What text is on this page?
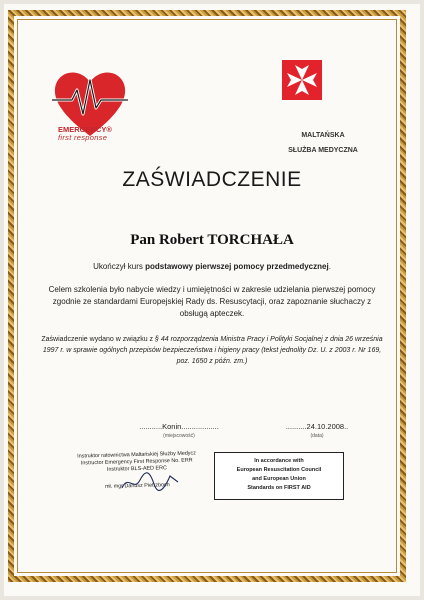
EMERGENCY®
first response	MALTAŃSKA
SŁUŻBA MEDYCZNA
ZAŚWIADCZENIE
Pan Robert TORCHAŁA
Ukończył kurs podstawowy pierwszej pomocy przedmedycznej.
Celem szkolenia było nabycie wiedzy i umiejętności w zakresie udzielania pierwszej pomocy zgodnie ze standardami Europejskiej Rady ds. Resuscytacji, oraz zapoznanie słuchaczy z obsługą apteczek.
Zaświadczenie wydano w związku z § 44 rozporządzenia Ministra Pracy i Polityki Socjalnej z dnia 26 września 1997 r. w sprawie ogólnych przepisów bezpieczeństwa i higieny pracy (tekst jednolity Dz. U. z 2003 r. Nr 169, poz. 1650 z późn. zm.)
...........Konin..................
(miejscowość)
..........24.10.2008..
(data)
Instruktor ratownictwa Maltańskiej Służby Medycz
Instructor Emergency First Response No. ERR
Instruktor BLS-AED ERC
mł. mgr Dariusz Pietrzboch
In accordance with
European Resuscitation Council
and European Union
Standards on FIRST AID
